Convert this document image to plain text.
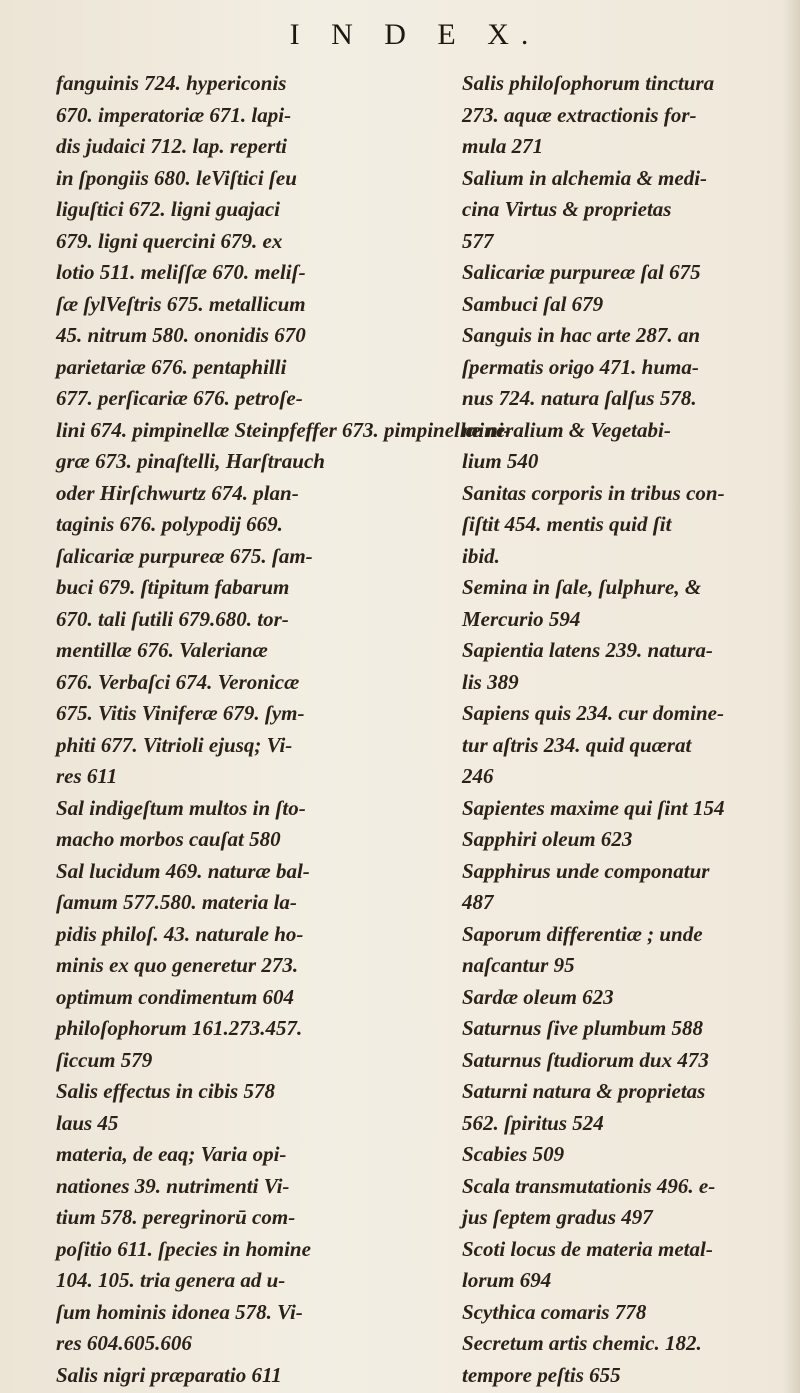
I N D E X.
fanguinis 724. hypericonis
670. imperatoriæ 671. lapi-
dis judaici 712. lap. reperti
in ſpongiis 680. leViſtici ſeu
liguſtici 672. ligni guajaci
679. ligni quercini 679. ex
lotio 511. meliſſæ 670. meliſ-
ſæ ſylVeſtris 675. metallicum
45. nitrum 580. ononidis 670
parietariæ 676. pentaphilli
677. perſicariæ 676. petroſe-
lini 674. pimpinellæ Steinpfeffer 673. pimpinellæ ni-
græ 673. pinaſtelli, Harſtrauch
oder Hirſchwurtz 674. plan-
taginis 676. polypodij 669.
ſalicariæ purpureæ 675. ſam-
buci 679. ſtipitum fabarum
670. tali ſutili 679.680. tor-
mentillæ 676. Valerianæ
676. Verbaſci 674. Veronicæ
675. Vitis Viniferæ 679. ſym-
phiti 677. Vitrioli ejusq; Vi-
res 611
Sal indigeſtum multos in ſto-
macho morbos cauſat 580
Sal lucidum 469. naturæ bal-
ſamum 577.580. materia la-
pidis philoſ. 43. naturale ho-
minis ex quo generetur 273.
optimum condimentum 604
philoſophorum 161.273.457.
ſiccum 579
Salis effectus in cibis 578
laus 45
materia, de eaq; Varia opi-
nationes 39. nutrimenti Vi-
tium 578. peregrinorū com-
poſitio 611. ſpecies in homine
104. 105. tria genera ad u-
ſum hominis idonea 578. Vi-
res 604.605.606
Salis nigri præparatio 611
Salis philoſophorum tinctura
273. aquæ extractionis for-
mula 271
Salium in alchemia & medi-
cina Virtus & proprietas
577
Salicariæ purpureæ ſal 675
Sambuci ſal 679
Sanguis in hac arte 287. an
ſpermatis origo 471. huma-
nus 724. natura ſalſus 578.
mineralium & Vegetabi-
lium 540
Sanitas corporis in tribus con-
ſiſtit 454. mentis quid ſit
ibid.
Semina in ſale, ſulphure, &
Mercurio 594
Sapientia latens 239. natura-
lis 389
Sapiens quis 234. cur domine-
tur aſtris 234. quid quærat
246
Sapientes maxime qui ſint 154
Sapphiri oleum 623
Sapphirus unde componatur
487
Saporum differentiæ ; unde
naſcantur 95
Sardæ oleum 623
Saturnus ſive plumbum 588
Saturnus ſtudiorum dux 473
Saturni natura & proprietas
562. ſpiritus 524
Scabies 509
Scala transmutationis 496. e-
jus ſeptem gradus 497
Scoti locus de materia metal-
lorum 694
Scythica comaris 778
Secretum artis chemic. 182.
tempore peſtis 655
